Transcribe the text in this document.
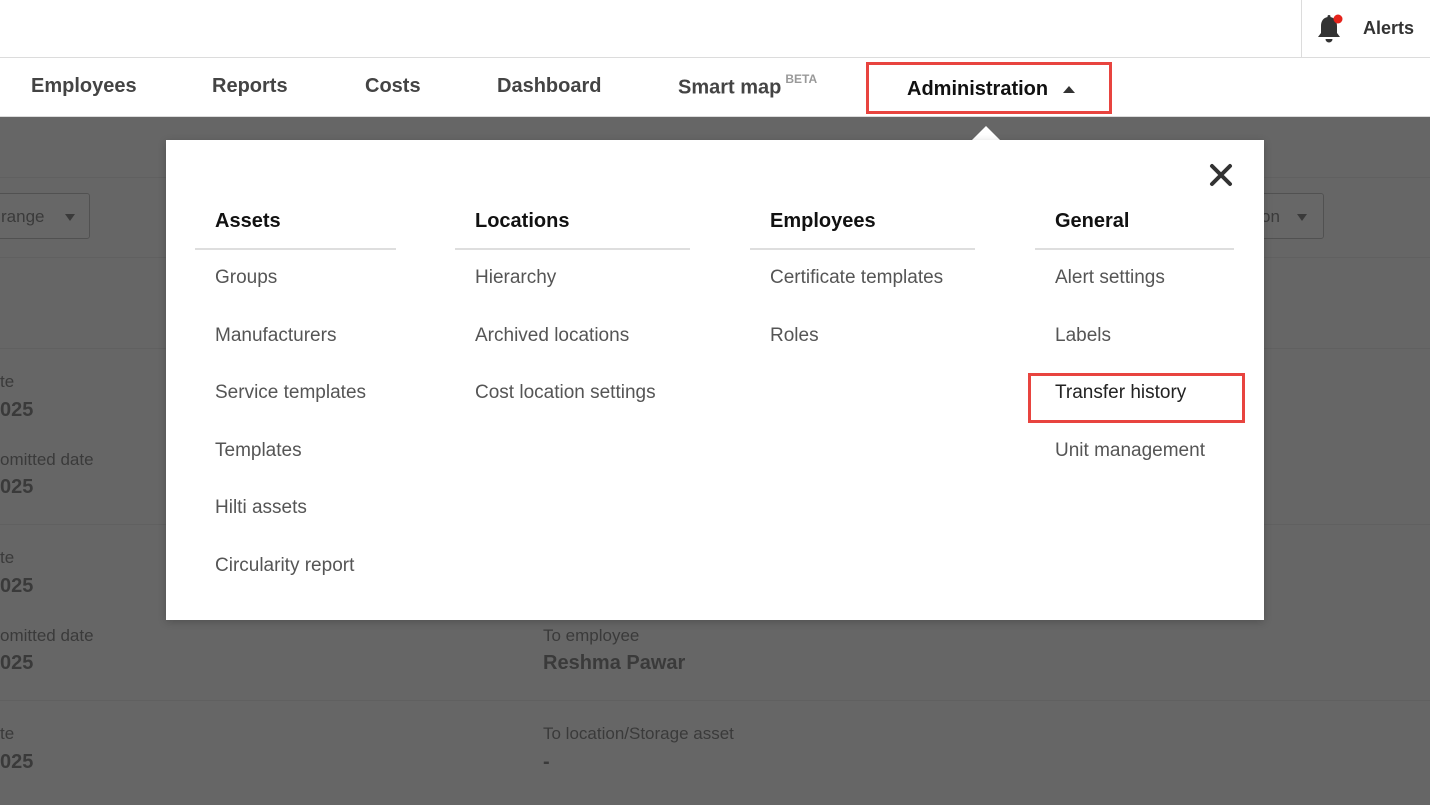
Alerts
Employees	Reports	Costs	Dashboard	Smart map $^{BETA}$	Administration
Assets
Groups
Manufacturers
Service templates
Templates
Hilti assets
Circularity report
Locations
Hierarchy
Archived locations
Cost location settings
Employees
Certificate templates
Roles
General
Alert settings
Labels
Transfer history
Unit management
